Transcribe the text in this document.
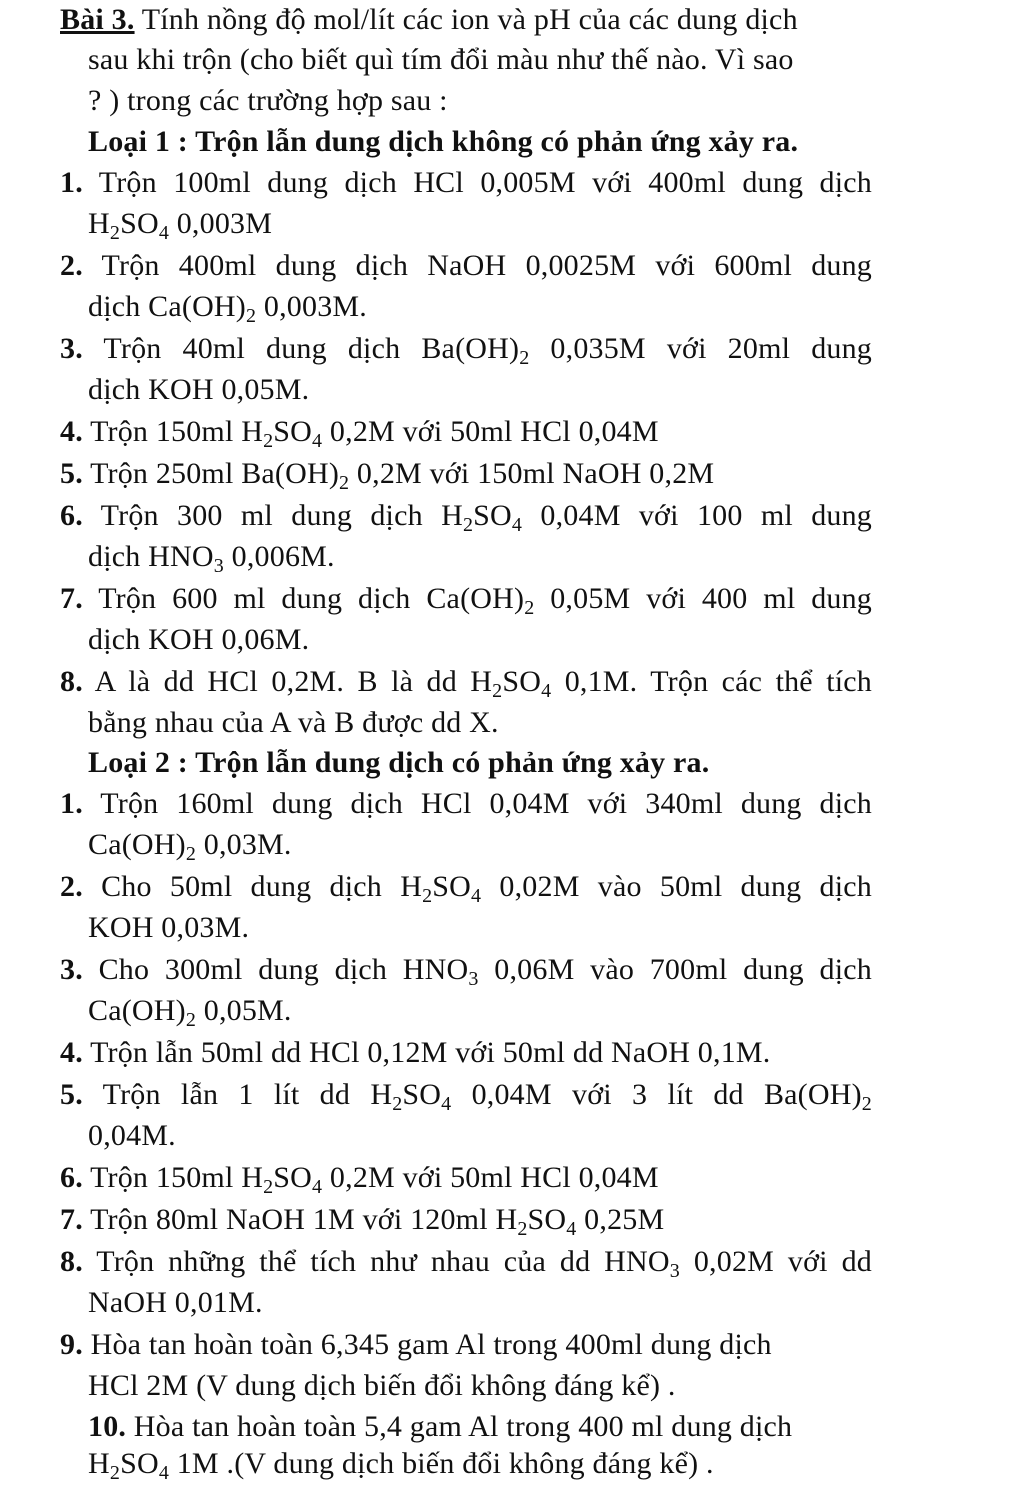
Bài 3. Tính nồng độ mol/lít các ion và pH của các dung dịch
sau khi trộn (cho biết quì tím đổi màu như thế nào. Vì sao
? ) trong các trường hợp sau :
Loại 1 : Trộn lẫn dung dịch không có phản ứng xảy ra.
1. Trộn 100ml dung dịch HCl 0,005M với 400ml dung dịch
$H_2SO_4$ 0,003M
2. Trộn 400ml dung dịch NaOH 0,0025M với 600ml dung
dịch $Ca(OH)_2$ 0,003M.
3. Trộn 40ml dung dịch $Ba(OH)_2$ 0,035M với 20ml dung
dịch KOH 0,05M.
4. Trộn 150ml $H_2SO_4$ 0,2M với 50ml HCl 0,04M
5. Trộn 250ml $Ba(OH)_2$ 0,2M với 150ml NaOH 0,2M
6. Trộn 300 ml dung dịch $H_2SO_4$ 0,04M với 100 ml dung
dịch $HNO_3$ 0,006M.
7. Trộn 600 ml dung dịch $Ca(OH)_2$ 0,05M với 400 ml dung
dịch KOH 0,06M.
8. A là dd HCl 0,2M. B là dd $H_2SO_4$ 0,1M. Trộn các thể tích
bằng nhau của A và B được dd X.
Loại 2 : Trộn lẫn dung dịch có phản ứng xảy ra.
1. Trộn 160ml dung dịch HCl 0,04M với 340ml dung dịch
$Ca(OH)_2$ 0,03M.
2. Cho 50ml dung dịch $H_2SO_4$ 0,02M vào 50ml dung dịch
KOH 0,03M.
3. Cho 300ml dung dịch $HNO_3$ 0,06M vào 700ml dung dịch
$Ca(OH)_2$ 0,05M.
4. Trộn lẫn 50ml dd HCl 0,12M với 50ml dd NaOH 0,1M.
5. Trộn lẫn 1 lít dd $H_2SO_4$ 0,04M với 3 lít dd $Ba(OH)_2$
0,04M.
6. Trộn 150ml $H_2SO_4$ 0,2M với 50ml HCl 0,04M
7. Trộn 80ml NaOH 1M với 120ml $H_2SO_4$ 0,25M
8. Trộn những thể tích như nhau của dd $HNO_3$ 0,02M với dd
NaOH 0,01M.
9. Hòa tan hoàn toàn 6,345 gam Al trong 400ml dung dịch
HCl 2M (V dung dịch biến đổi không đáng kể) .
10. Hòa tan hoàn toàn 5,4 gam Al trong 400 ml dung dịch
$H_2SO_4$ 1M .(V dung dịch biến đổi không đáng kể) .
